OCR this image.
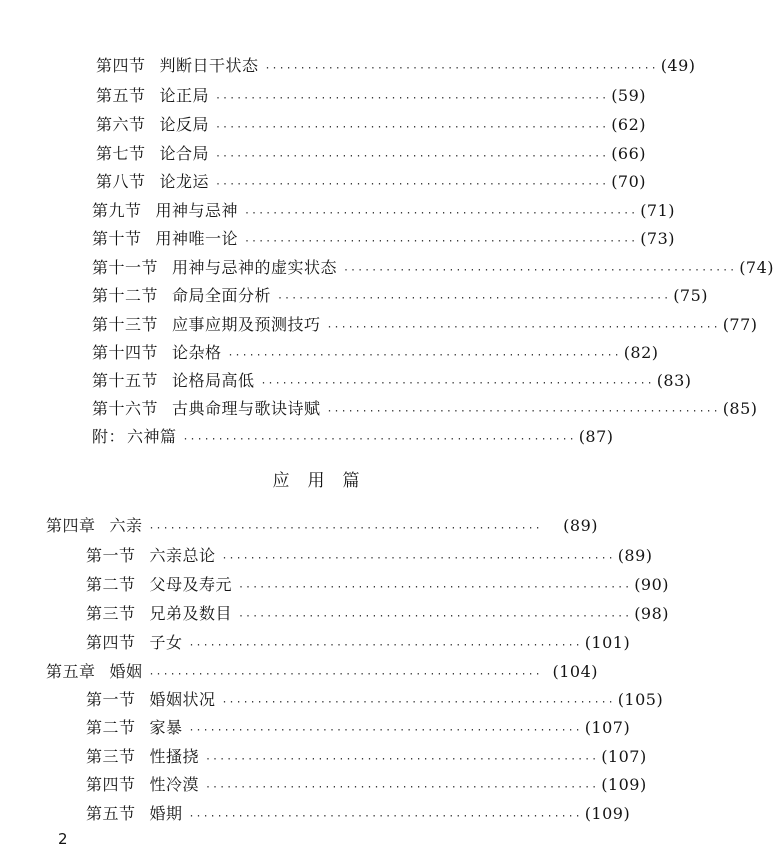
第四节 判断日干状态 ························································ (49)
第五节 论正局 ························································ (59)
第六节 论反局 ························································ (62)
第七节 论合局 ························································ (66)
第八节 论龙运 ························································ (70)
第九节 用神与忌神 ························································ (71)
第十节 用神唯一论 ························································ (73)
第十一节 用神与忌神的虚实状态 ························································ (74)
第十二节 命局全面分析 ························································ (75)
第十三节 应事应期及预测技巧 ························································ (77)
第十四节 论杂格 ························································ (82)
第十五节 论格局高低 ························································ (83)
第十六节 古典命理与歌诀诗赋 ························································ (85)
附： 六神篇 ························································ (87)
应用篇
第四章 六亲 ························································	(89)
第一节 六亲总论 ························································ (89)
第二节 父母及寿元 ························································ (90)
第三节 兄弟及数目 ························································ (98)
第四节 子女 ························································ (101)
第五章 婚姻 ························································ (104)
第一节 婚姻状况 ························································ (105)
第二节 家暴 ························································ (107)
第三节 性搔挠 ························································ (107)
第四节 性冷漠 ························································ (109)
第五节 婚期 ························································ (109)
2
